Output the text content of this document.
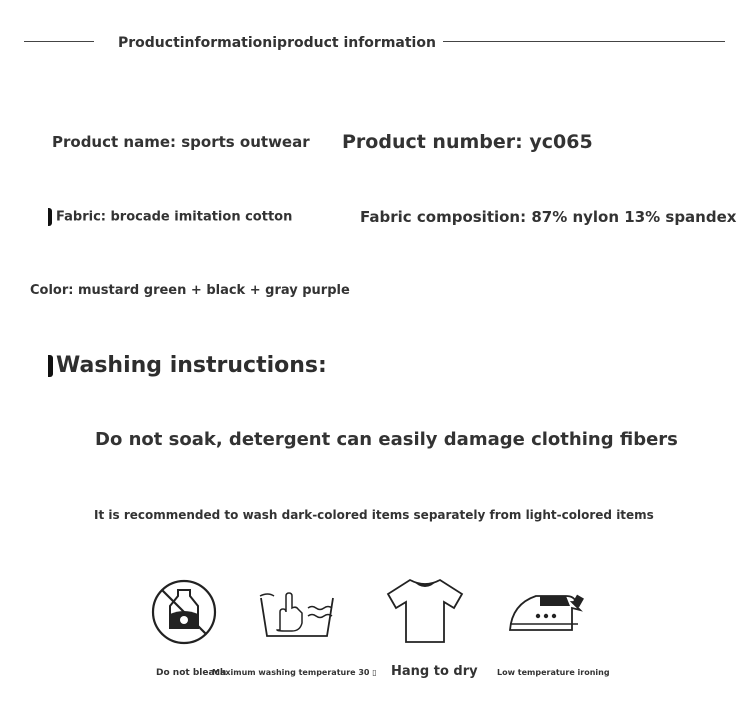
Productinformationiproduct information
Product name: sports outwear Product number: yc065
Fabric: brocade imitation cotton	Fabric composition: 87% nylon 13% spandex
Color: mustard green + black + gray purple
Washing instructions:
Do not soak, detergent can easily damage clothing fibers
It is recommended to wash dark-colored items separately from light-colored items
Do not bleach
Maximum washing temperature 30 ▯ Hang to dry Low temperature ironing
